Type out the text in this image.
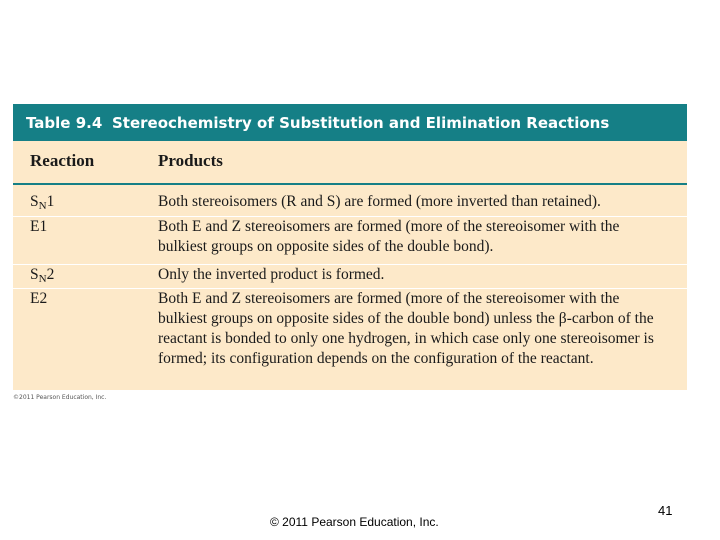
Table 9.4 Stereochemistry of Substitution and Elimination Reactions
Reaction	Products
$S_N1$	Both stereoisomers (R and S) are formed (more inverted than retained).
E1	Both E and Z stereoisomers are formed (more of the stereoisomer with the
bulkiest groups on opposite sides of the double bond).
$S_N2$	Only the inverted product is formed.
E2	Both E and Z stereoisomers are formed (more of the stereoisomer with the
bulkiest groups on opposite sides of the double bond) unless the β-carbon of the
reactant is bonded to only one hydrogen, in which case only one stereoisomer is
formed; its configuration depends on the configuration of the reactant.
©2011 Pearson Education, Inc.
41
© 2011 Pearson Education, Inc.
